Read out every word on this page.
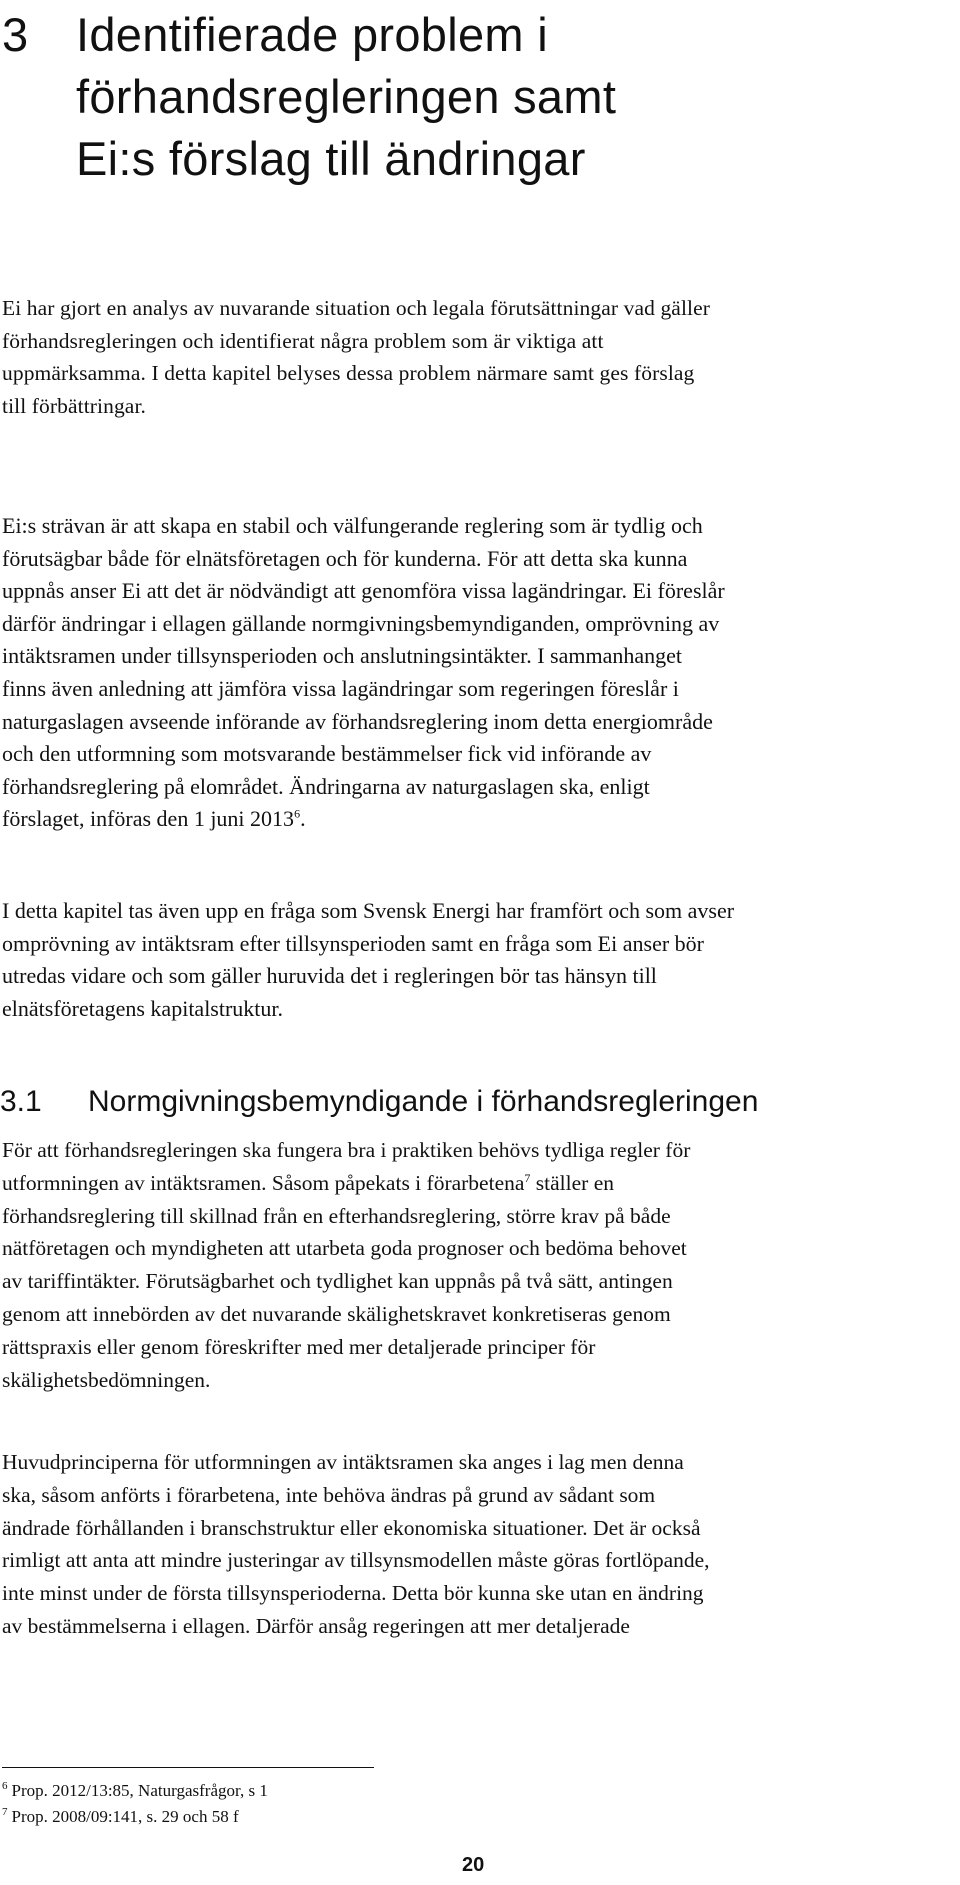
3	Identifierade problem i
förhandsregleringen samt
Ei:s förslag till ändringar

Ei har gjort en analys av nuvarande situation och legala förutsättningar vad gäller
förhandsregleringen och identifierat några problem som är viktiga att
uppmärksamma. I detta kapitel belyses dessa problem närmare samt ges förslag
till förbättringar.

Ei:s strävan är att skapa en stabil och välfungerande reglering som är tydlig och
förutsägbar både för elnätsföretagen och för kunderna. För att detta ska kunna
uppnås anser Ei att det är nödvändigt att genomföra vissa lagändringar. Ei föreslår
därför ändringar i ellagen gällande normgivningsbemyndiganden, omprövning av
intäktsramen under tillsynsperioden och anslutningsintäkter. I sammanhanget
finns även anledning att jämföra vissa lagändringar som regeringen föreslår i
naturgaslagen avseende införande av förhandsreglering inom detta energiområde
och den utformning som motsvarande bestämmelser fick vid införande av
förhandsreglering på elområdet. Ändringarna av naturgaslagen ska, enligt
förslaget, införas den 1 juni 2013$^6$.

I detta kapitel tas även upp en fråga som Svensk Energi har framfört och som avser
omprövning av intäktsram efter tillsynsperioden samt en fråga som Ei anser bör
utredas vidare och som gäller huruvida det i regleringen bör tas hänsyn till
elnätsföretagens kapitalstruktur.

3.1 Normgivningsbemyndigande i förhandsregleringen

För att förhandsregleringen ska fungera bra i praktiken behövs tydliga regler för
utformningen av intäktsramen. Såsom påpekats i förarbetena$^7$ ställer en
förhandsreglering till skillnad från en efterhandsreglering, större krav på både
nätföretagen och myndigheten att utarbeta goda prognoser och bedöma behovet
av tariffintäkter. Förutsägbarhet och tydlighet kan uppnås på två sätt, antingen
genom att innebörden av det nuvarande skälighetskravet konkretiseras genom
rättspraxis eller genom föreskrifter med mer detaljerade principer för
skälighetsbedömningen.

Huvudprinciperna för utformningen av intäktsramen ska anges i lag men denna
ska, såsom anförts i förarbetena, inte behöva ändras på grund av sådant som
ändrade förhållanden i branschstruktur eller ekonomiska situationer. Det är också
rimligt att anta att mindre justeringar av tillsynsmodellen måste göras fortlöpande,
inte minst under de första tillsynsperioderna. Detta bör kunna ske utan en ändring
av bestämmelserna i ellagen. Därför ansåg regeringen att mer detaljerade

$^6$ Prop. 2012/13:85, Naturgasfrågor, s 1

$^7$ Prop. 2008/09:141, s. 29 och 58 f

20
